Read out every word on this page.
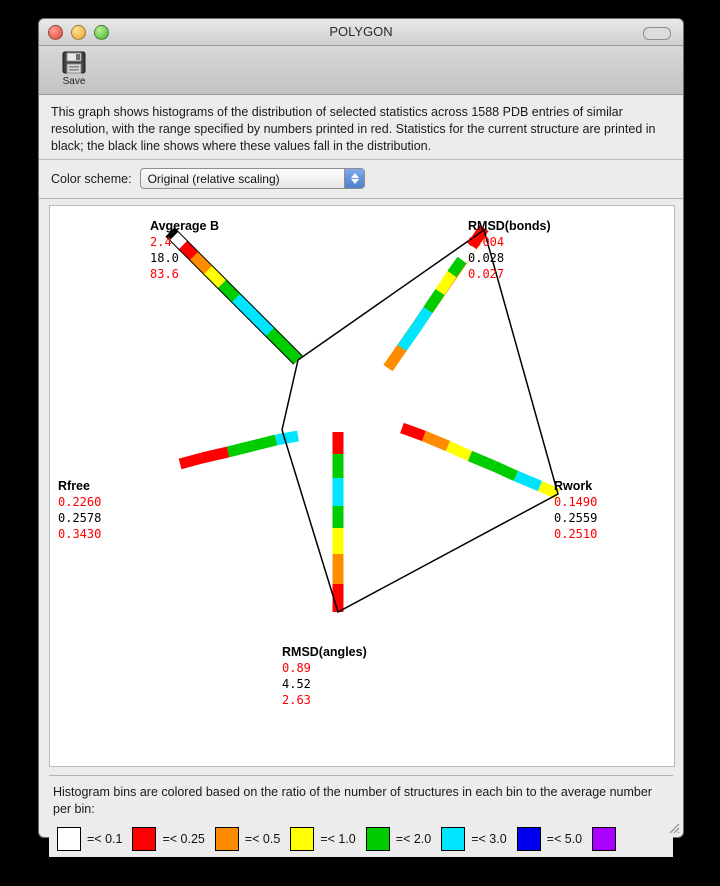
POLYGON
Save

This graph shows histograms of the distribution of selected statistics across 1588 PDB entries of similar resolution, with the range specified by numbers printed in red. Statistics for the current structure are printed in black; the black line shows where these values fall in the distribution.

Color scheme:	Original (relative scaling)
Avgerage B
2.4
18.0
83.6
RMSD(bonds)
0.004
0.028
0.027
Rwork
0.1490
0.2559
0.2510
RMSD(angles)
0.89
4.52
2.63
Rfree
0.2260
0.2578
0.3430

Histogram bins are colored based on the ratio of the number of structures in each bin to the average number per bin:

=< 0.1	=< 0.25	=< 0.5	=< 1.0	=< 2.0	=< 3.0	=< 5.0
